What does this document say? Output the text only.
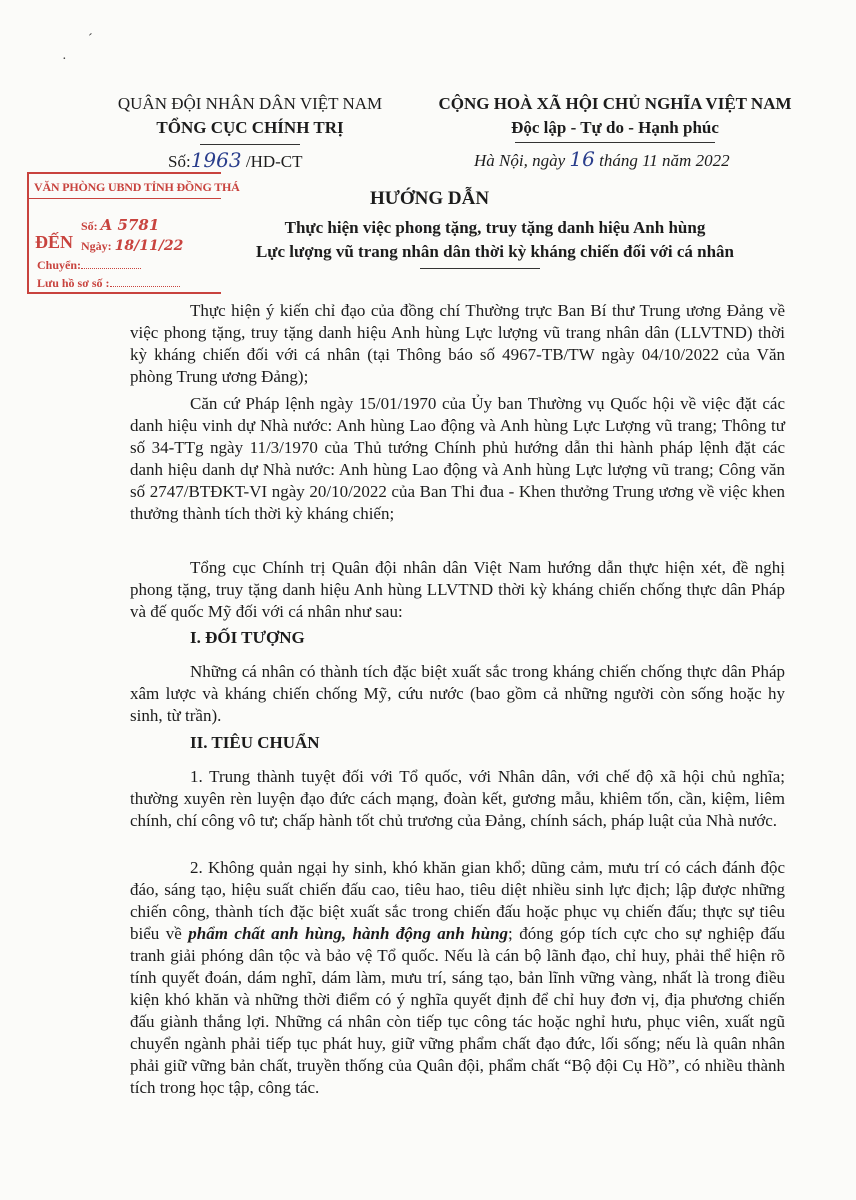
ˊ
·
QUÂN ĐỘI NHÂN DÂN VIỆT NAM
TỔNG CỤC CHÍNH TRỊ
Số:1963 /HD-CT
CỘNG HOÀ XÃ HỘI CHỦ NGHĨA VIỆT NAM
Độc lập - Tự do - Hạnh phúc
Hà Nội, ngày 16 tháng 11 năm 2022
VĂN PHÒNG UBND TỈNH ĐỒNG THÁ
ĐẾN
Số: A 5781
Ngày: 18/11/22
Chuyển:
Lưu hồ sơ số :
HƯỚNG DẪN
Thực hiện việc phong tặng, truy tặng danh hiệu Anh hùng
Lực lượng vũ trang nhân dân thời kỳ kháng chiến đối với cá nhân

Thực hiện ý kiến chỉ đạo của đồng chí Thường trực Ban Bí thư Trung ương Đảng về việc phong tặng, truy tặng danh hiệu Anh hùng Lực lượng vũ trang nhân dân (LLVTND) thời kỳ kháng chiến đối với cá nhân (tại Thông báo số 4967-TB/TW ngày 04/10/2022 của Văn phòng Trung ương Đảng);

Căn cứ Pháp lệnh ngày 15/01/1970 của Ủy ban Thường vụ Quốc hội về việc đặt các danh hiệu vinh dự Nhà nước: Anh hùng Lao động và Anh hùng Lực Lượng vũ trang; Thông tư số 34-TTg ngày 11/3/1970 của Thủ tướng Chính phủ hướng dẫn thi hành pháp lệnh đặt các danh hiệu danh dự Nhà nước: Anh hùng Lao động và Anh hùng Lực lượng vũ trang; Công văn số 2747/BTĐKT-VI ngày 20/10/2022 của Ban Thi đua - Khen thưởng Trung ương về việc khen thưởng thành tích thời kỳ kháng chiến;

Tổng cục Chính trị Quân đội nhân dân Việt Nam hướng dẫn thực hiện xét, đề nghị phong tặng, truy tặng danh hiệu Anh hùng LLVTND thời kỳ kháng chiến chống thực dân Pháp và đế quốc Mỹ đối với cá nhân như sau:

I. ĐỐI TƯỢNG

Những cá nhân có thành tích đặc biệt xuất sắc trong kháng chiến chống thực dân Pháp xâm lược và kháng chiến chống Mỹ, cứu nước (bao gồm cả những người còn sống hoặc hy sinh, từ trần).

II. TIÊU CHUẨN

1. Trung thành tuyệt đối với Tổ quốc, với Nhân dân, với chế độ xã hội chủ nghĩa; thường xuyên rèn luyện đạo đức cách mạng, đoàn kết, gương mẫu, khiêm tốn, cần, kiệm, liêm chính, chí công vô tư; chấp hành tốt chủ trương của Đảng, chính sách, pháp luật của Nhà nước.

2. Không quản ngại hy sinh, khó khăn gian khổ; dũng cảm, mưu trí có cách đánh độc đáo, sáng tạo, hiệu suất chiến đấu cao, tiêu hao, tiêu diệt nhiều sinh lực địch; lập được những chiến công, thành tích đặc biệt xuất sắc trong chiến đấu hoặc phục vụ chiến đấu; thực sự tiêu biểu về phẩm chất anh hùng, hành động anh hùng; đóng góp tích cực cho sự nghiệp đấu tranh giải phóng dân tộc và bảo vệ Tổ quốc. Nếu là cán bộ lãnh đạo, chỉ huy, phải thể hiện rõ tính quyết đoán, dám nghĩ, dám làm, mưu trí, sáng tạo, bản lĩnh vững vàng, nhất là trong điều kiện khó khăn và những thời điểm có ý nghĩa quyết định để chỉ huy đơn vị, địa phương chiến đấu giành thắng lợi. Những cá nhân còn tiếp tục công tác hoặc nghỉ hưu, phục viên, xuất ngũ chuyển ngành phải tiếp tục phát huy, giữ vững phẩm chất đạo đức, lối sống; nếu là quân nhân phải giữ vững bản chất, truyền thống của Quân đội, phẩm chất “Bộ đội Cụ Hồ”, có nhiều thành tích trong học tập, công tác.
